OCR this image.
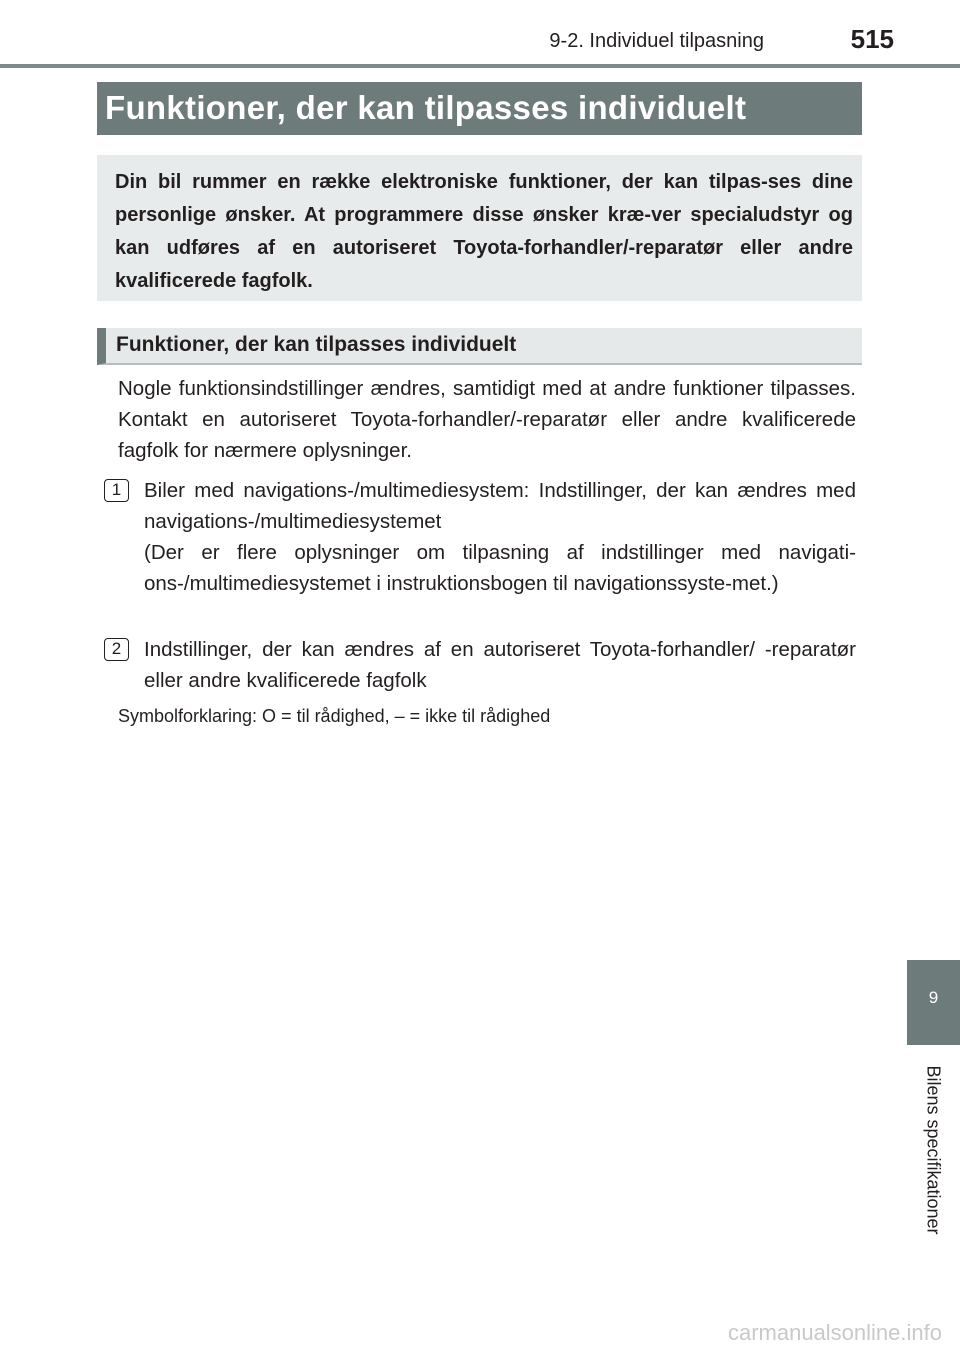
9-2. Individuel tilpasning	515
Funktioner, der kan tilpasses individuelt
Din bil rummer en række elektroniske funktioner, der kan tilpas-ses dine personlige ønsker. At programmere disse ønsker kræ-ver specialudstyr og kan udføres af en autoriseret Toyota-forhandler/-reparatør eller andre kvalificerede fagfolk.
Funktioner, der kan tilpasses individuelt
Nogle funktionsindstillinger ændres, samtidigt med at andre funktioner tilpasses. Kontakt en autoriseret Toyota-forhandler/-reparatør eller andre kvalificerede fagfolk for nærmere oplysninger.
1	Biler med navigations-/multimediesystem: Indstillinger, der kan ændres med navigations-/multimediesystemet
(Der er flere oplysninger om tilpasning af indstillinger med navigati-ons-/multimediesystemet i instruktionsbogen til navigationssyste-met.)
2	Indstillinger, der kan ændres af en autoriseret Toyota-forhandler/ -reparatør eller andre kvalificerede fagfolk
Symbolforklaring: O = til rådighed, – = ikke til rådighed
9
Bilens specifikationer
carmanualsonline.info
